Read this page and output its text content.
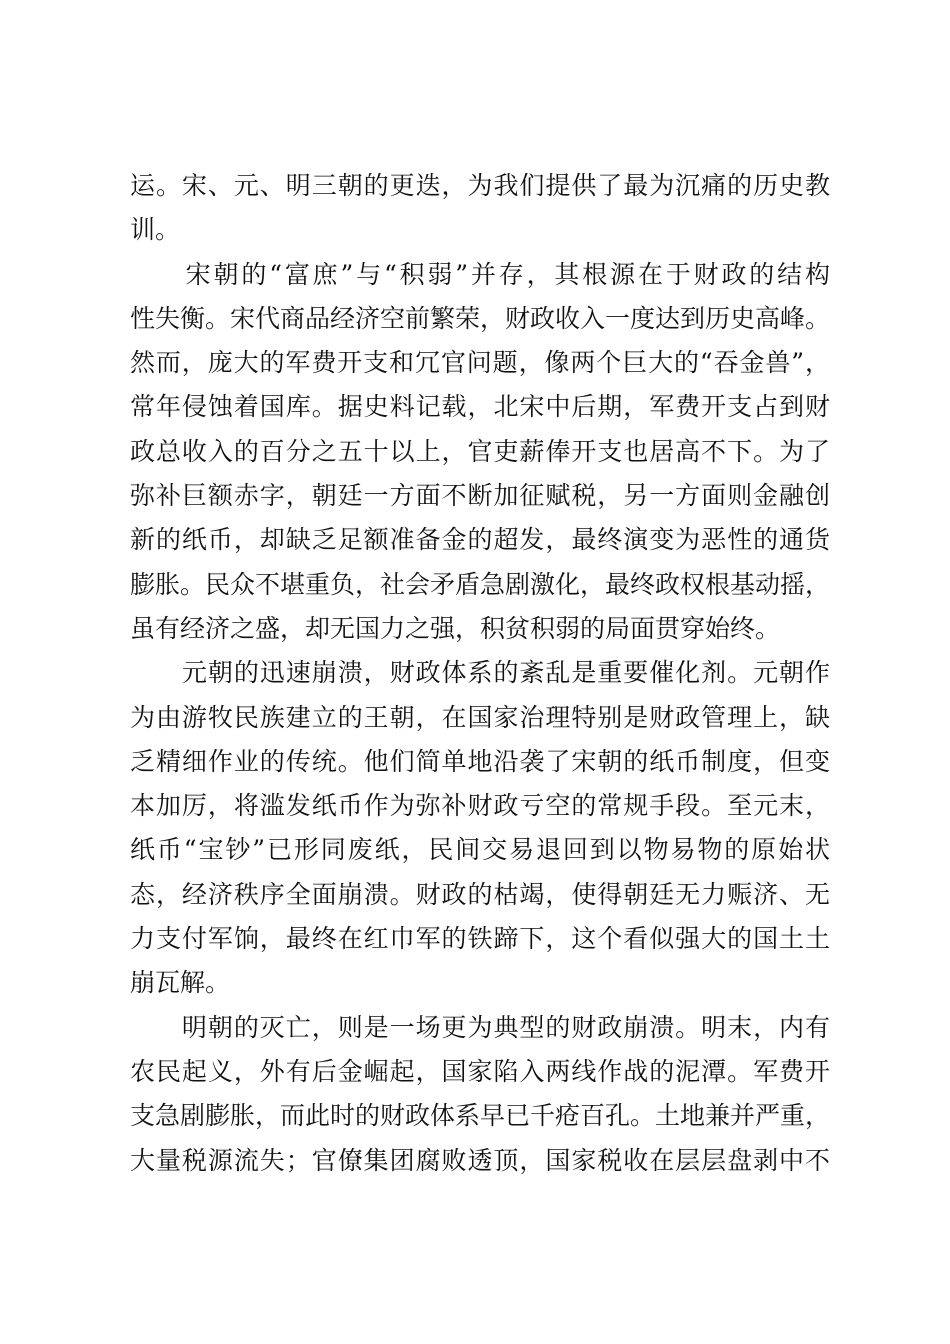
运。宋、元、明三朝的更迭，为我们提供了最为沉痛的历史教
训。
　　宋朝的“富庶”与“积弱”并存，其根源在于财政的结构
性失衡。宋代商品经济空前繁荣，财政收入一度达到历史高峰。
然而，庞大的军费开支和冗官问题，像两个巨大的“吞金兽”，
常年侵蚀着国库。据史料记载，北宋中后期，军费开支占到财
政总收入的百分之五十以上，官吏薪俸开支也居高不下。为了
弥补巨额赤字，朝廷一方面不断加征赋税，另一方面则金融创
新的纸币，却缺乏足额准备金的超发，最终演变为恶性的通货
膨胀。民众不堪重负，社会矛盾急剧激化，最终政权根基动摇，
虽有经济之盛，却无国力之强，积贫积弱的局面贯穿始终。
　　元朝的迅速崩溃，财政体系的紊乱是重要催化剂。元朝作
为由游牧民族建立的王朝，在国家治理特别是财政管理上，缺
乏精细作业的传统。他们简单地沿袭了宋朝的纸币制度，但变
本加厉，将滥发纸币作为弥补财政亏空的常规手段。至元末，
纸币“宝钞”已形同废纸，民间交易退回到以物易物的原始状
态，经济秩序全面崩溃。财政的枯竭，使得朝廷无力赈济、无
力支付军饷，最终在红巾军的铁蹄下，这个看似强大的国土土
崩瓦解。
　　明朝的灭亡，则是一场更为典型的财政崩溃。明末，内有
农民起义，外有后金崛起，国家陷入两线作战的泥潭。军费开
支急剧膨胀，而此时的财政体系早已千疮百孔。土地兼并严重，
大量税源流失；官僚集团腐败透顶，国家税收在层层盘剥中不
